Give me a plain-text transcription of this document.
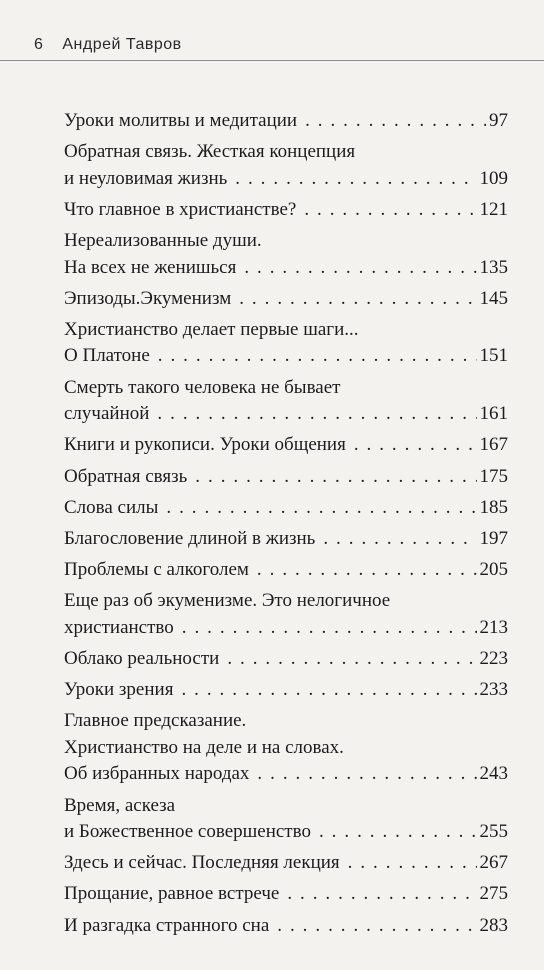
6 Андрей Тавров
Уроки молитвы и медитации . . .	97
Обратная связь. Жесткая концепция
и неуловимая жизнь . . .	109
Что главное в христианстве? . . .	121
Нереализованные души.
На всех не женишься . . .	135
Эпизоды.Экуменизм . . .	145
Христианство делает первые шаги...
О Платоне . . .	151
Смерть такого человека не бывает
случайной . . .	161
Книги и рукописи. Уроки общения . . .	167
Обратная связь . . .	175
Слова силы . . .	185
Благословение длиной в жизнь . . .	197
Проблемы с алкоголем . . .	205
Еще раз об экуменизме. Это нелогичное
христианство . . .	213
Облако реальности . . .	223
Уроки зрения . . .	233
Главное предсказание.
Христианство на деле и на словах.
Об избранных народах . . .	243
Время, аскеза
и Божественное совершенство . . .	255
Здесь и сейчас. Последняя лекция . . .	267
Прощание, равное встрече . . .	275
И разгадка странного сна . . .	283
